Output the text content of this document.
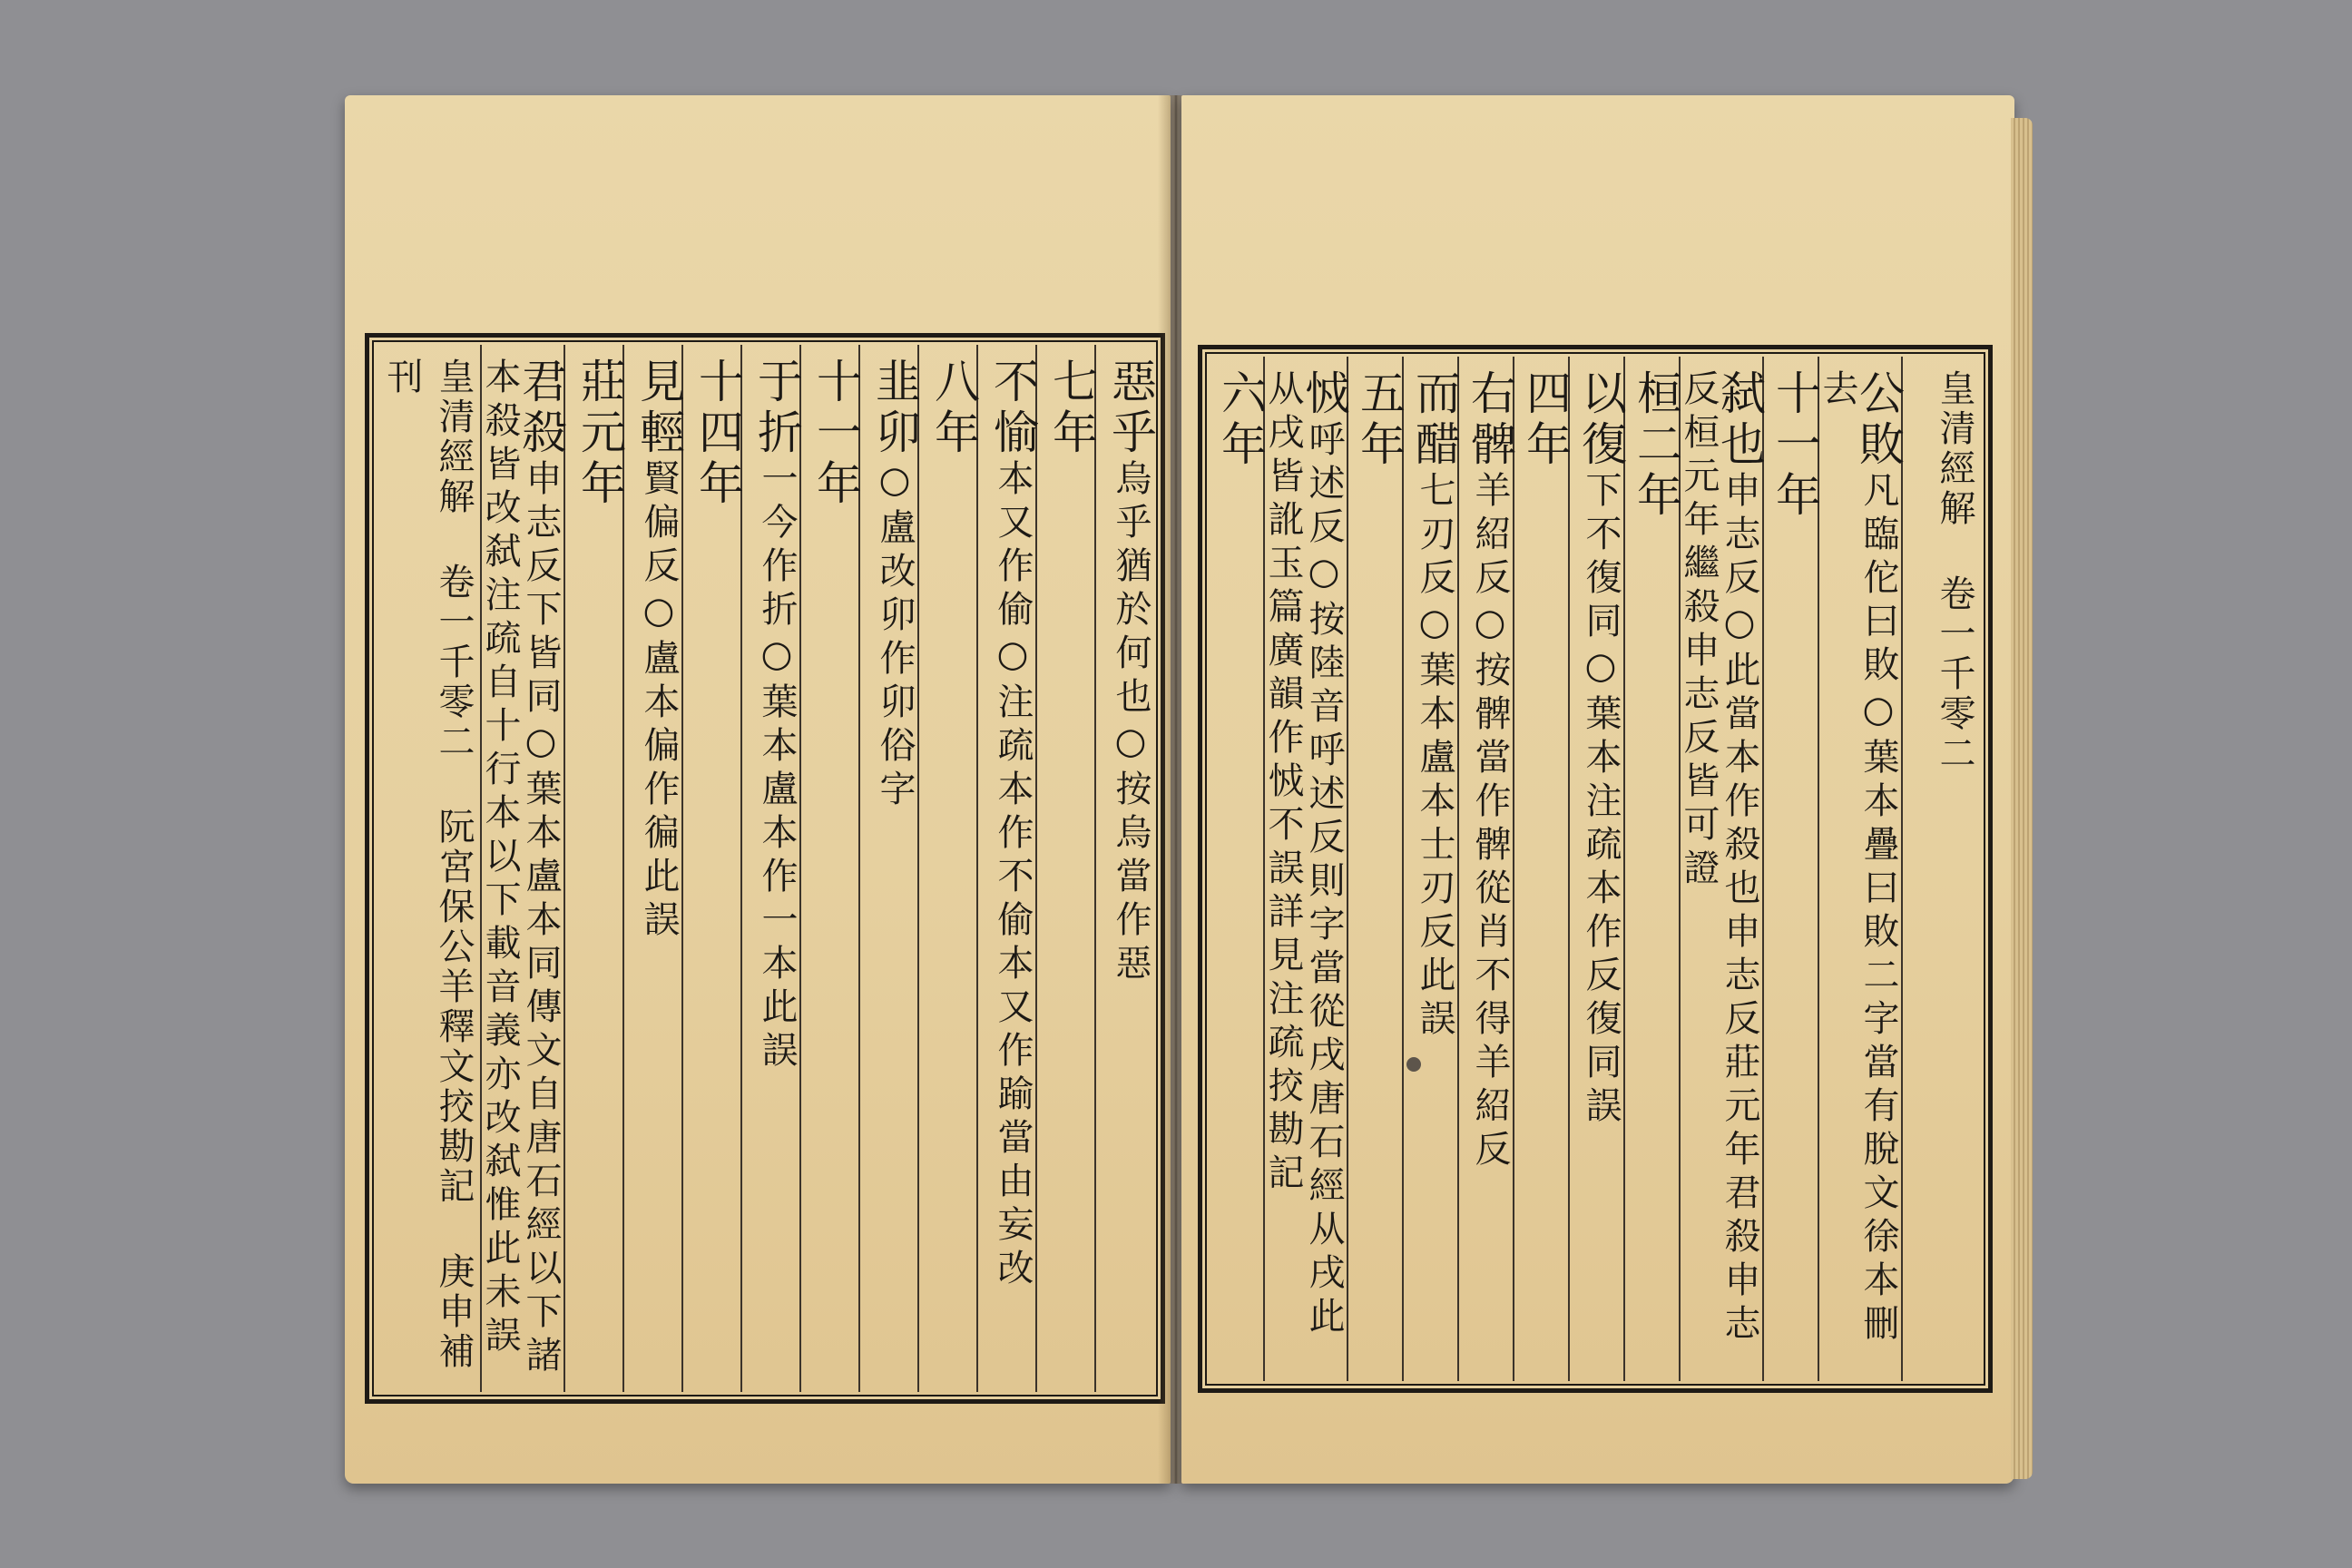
惡乎烏乎猶於何也○按烏當作惡
七年
不愉本又作偷○注疏本作不偷本又作踰當由妄改
八年
韭卯○盧改卯作卯俗字
十一年
于折一今作折○葉本盧本作一本此誤
十四年
見輕賢偏反○盧本偏作徧此誤
莊元年
君殺申志反下皆同○葉本盧本同傳文自唐石經以下諸本殺皆改弑注疏自十行本以下載音義亦改弑惟此未誤
皇清經解 卷一千零二 阮宮保公羊釋文挍勘記 庚申補刊	皇清經解 卷一千零二
公敗凡臨佗曰敗○葉本疊曰敗二字當有脫文徐本刪去
十一年
弑也申志反○此當本作殺也申志反莊元年君殺申志反桓元年繼殺申志反皆可證
桓二年
以復下不復同○葉本注疏本作反復同誤
四年
右髀羊紹反○按髀當作髀從肖不得羊紹反
而醋七刃反○葉本盧本士刃反此誤
五年
㤜呼述反○按陸音呼述反則字當從戌唐石經从戌此从戌皆訛玉篇廣韻作㤜不誤詳見注疏挍勘記
六年
